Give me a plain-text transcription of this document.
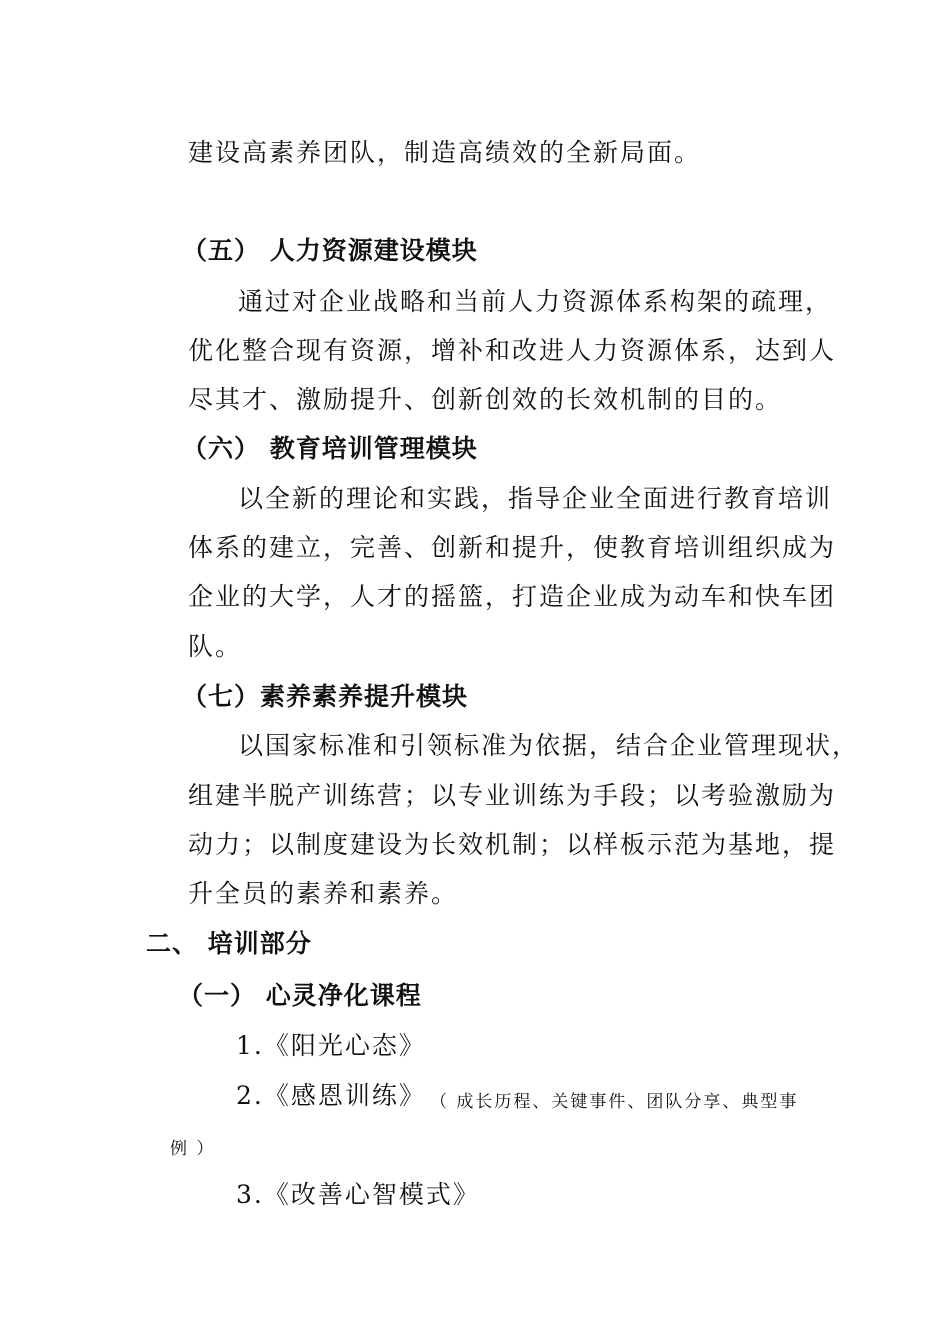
建设高素养团队，制造高绩效的全新局面。
（五） 人力资源建设模块
通过对企业战略和当前人力资源体系构架的疏理，
优化整合现有资源，增补和改进人力资源体系，达到人
尽其才、激励提升、创新创效的长效机制的目的。
（六） 教育培训管理模块
以全新的理论和实践，指导企业全面进行教育培训
体系的建立，完善、创新和提升，使教育培训组织成为
企业的大学，人才的摇篮，打造企业成为动车和快车团
队。
（七）素养素养提升模块
以国家标准和引领标准为依据，结合企业管理现状，
组建半脱产训练营；以专业训练为手段；以考验激励为
动力；以制度建设为长效机制；以样板示范为基地，提
升全员的素养和素养。
二、 培训部分
（一） 心灵净化课程
1.《阳光心态》
2.《感恩训练》 （ 成长历程、关键事件、团队分享、典型事
例 ）
3.《改善心智模式》
